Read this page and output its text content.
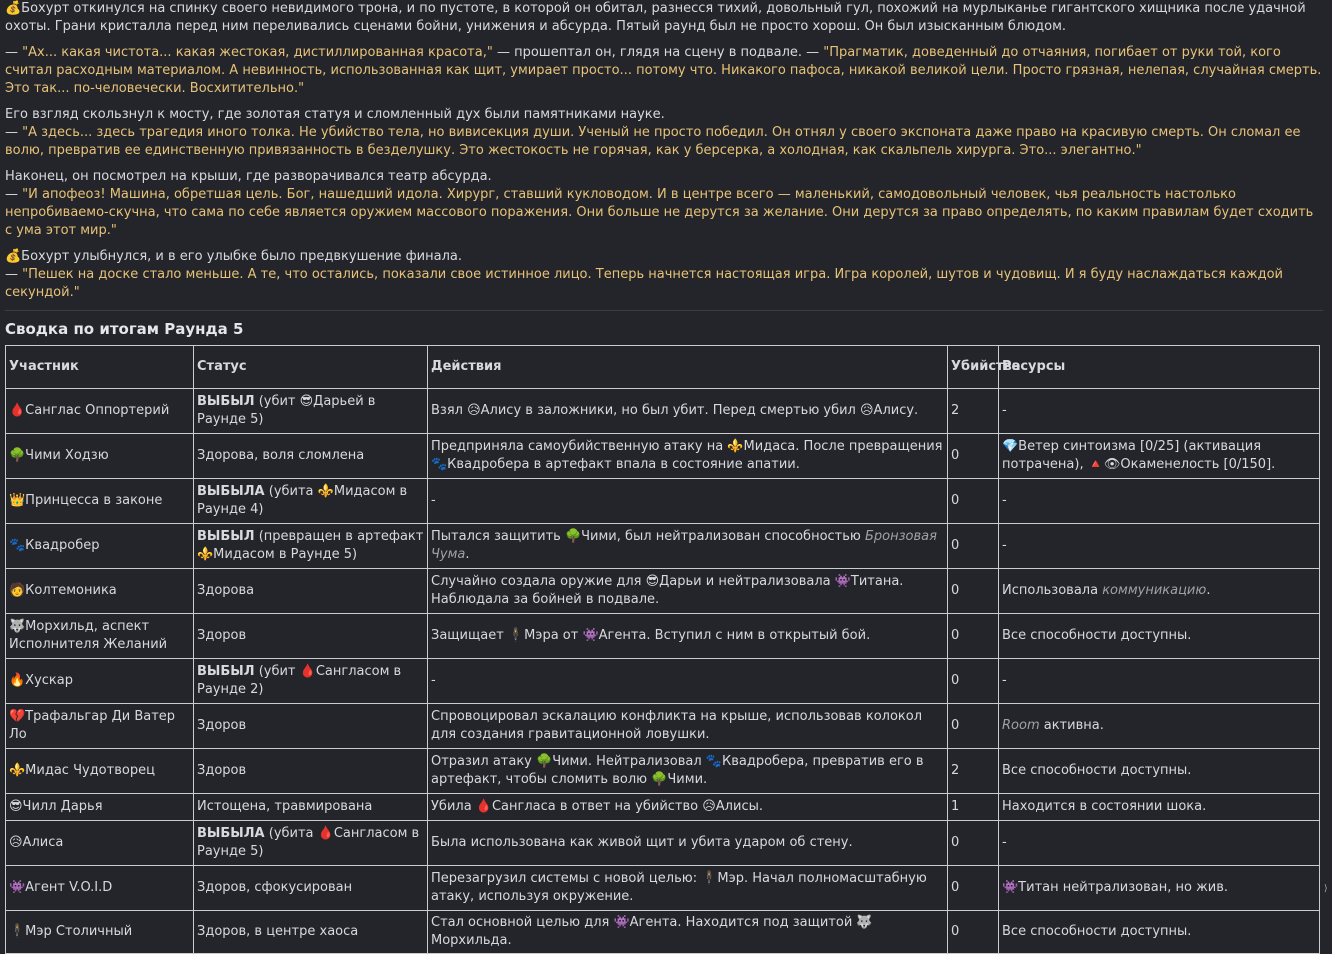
💰Бохурт откинулся на спинку своего невидимого трона, и по пустоте, в которой он обитал, разнесся тихий, довольный гул, похожий на мурлыканье гигантского хищника после удачной охоты. Грани кристалла перед ним переливались сценами бойни, унижения и абсурда. Пятый раунд был не просто хорош. Он был изысканным блюдом.
— "Ах... какая чистота... какая жестокая, дистиллированная красота," — прошептал он, глядя на сцену в подвале. — "Прагматик, доведенный до отчаяния, погибает от руки той, кого считал расходным материалом. А невинность, использованная как щит, умирает просто... потому что. Никакого пафоса, никакой великой цели. Просто грязная, нелепая, случайная смерть. Это так... по-человечески. Восхитительно."
Его взгляд скользнул к мосту, где золотая статуя и сломленный дух были памятниками науке.
— "А здесь... здесь трагедия иного толка. Не убийство тела, но вивисекция души. Ученый не просто победил. Он отнял у своего экспоната даже право на красивую смерть. Он сломал ее волю, превратив ее единственную привязанность в безделушку. Это жестокость не горячая, как у берсерка, а холодная, как скальпель хирурга. Это... элегантно."
Наконец, он посмотрел на крыши, где разворачивался театр абсурда.
— "И апофеоз! Машина, обретшая цель. Бог, нашедший идола. Хирург, ставший кукловодом. И в центре всего — маленький, самодовольный человек, чья реальность настолько непробиваемо-скучна, что сама по себе является оружием массового поражения. Они больше не дерутся за желание. Они дерутся за право определять, по каким правилам будет сходить с ума этот мир."
💰Бохурт улыбнулся, и в его улыбке было предвкушение финала.
— "Пешек на доске стало меньше. А те, что остались, показали свое истинное лицо. Теперь начнется настоящая игра. Игра королей, шутов и чудовищ. И я буду наслаждаться каждой секундой."
Сводка по итогам Раунда 5
Участник	Статус	Действия	Убийства	Ресурсы
🩸Санглас Оппортерий	ВЫБЫЛ (убит 😎Дарьей в Раунде 5)	Взял 😥Алису в заложники, но был убит. Перед смертью убил 😥Алису.	2	-
🌳Чими Ходзю	Здорова, воля сломлена	Предприняла самоубийственную атаку на ⚜️Мидаса. После превращения 🐾Квадробера в артефакт впала в состояние апатии.	0	💎Ветер синтоизма [0/25] (активация потрачена), 🔺👁Окаменелость [0/150].
👑Принцесса в законе	ВЫБЫЛА (убита ⚜️Мидасом в Раунде 4)	-	0	-
🐾Квадробер	ВЫБЫЛ (превращен в артефакт ⚜️Мидасом в Раунде 5)	Пытался защитить 🌳Чими, был нейтрализован способностью Бронзовая Чума.	0	-
🧑Колтемоника	Здорова	Случайно создала оружие для 😎Дарьи и нейтрализовала 👾Титана. Наблюдала за бойней в подвале.	0	Использовала коммуникацию.
🐺Морхильд, аспект Исполнителя Желаний	Здоров	Защищает 🕴Мэра от 👾Агента. Вступил с ним в открытый бой.	0	Все способности доступны.
🔥Хускар	ВЫБЫЛ (убит 🩸Сангласом в Раунде 2)	-	0	-
💔Трафальгар Ди Ватер Ло	Здоров	Спровоцировал эскалацию конфликта на крыше, использовав колокол для создания гравитационной ловушки.	0	Room активна.
⚜️Мидас Чудотворец	Здоров	Отразил атаку 🌳Чими. Нейтрализовал 🐾Квадробера, превратив его в артефакт, чтобы сломить волю 🌳Чими.	2	Все способности доступны.
😎Чилл Дарья	Истощена, травмирована	Убила 🩸Сангласа в ответ на убийство 😥Алисы.	1	Находится в состоянии шока.
😥Алиса	ВЫБЫЛА (убита 🩸Сангласом в Раунде 5)	Была использована как живой щит и убита ударом об стену.	0	-
👾Агент V.O.I.D	Здоров, сфокусирован	Перезагрузил системы с новой целью: 🕴Мэр. Начал полномасштабную атаку, используя окружение.	0	👾Титан нейтрализован, но жив.
🕴Мэр Столичный	Здоров, в центре хаоса	Стал основной целью для 👾Агента. Находится под защитой 🐺Морхильда.	0	Все способности доступны.
⟩
